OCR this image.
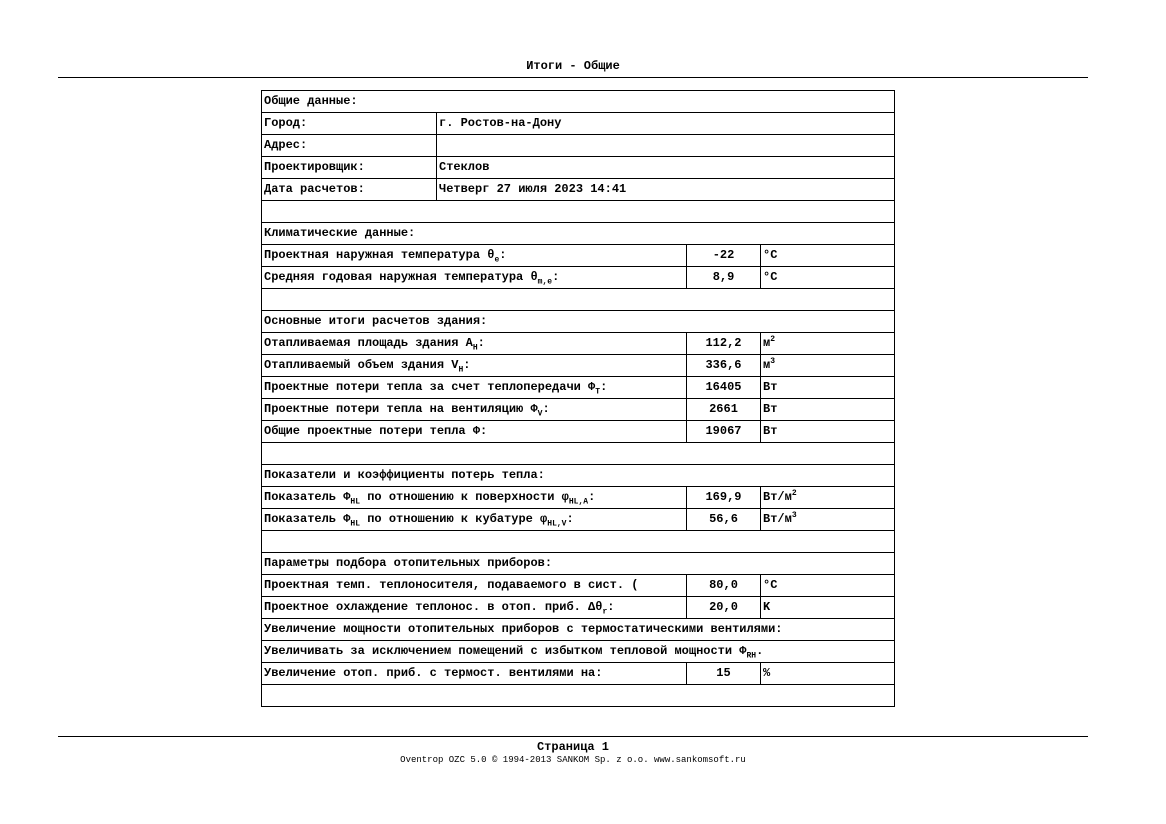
Итоги - Общие
Общие данные:
Город:	г. Ростов-на-Дону
Адрес:
Проектировщик:	Стеклов
Дата расчетов:	Четверг 27 июля 2023 14:41
Климатические данные:
Проектная наружная температура $\theta_e$:	-22	°C
Средняя годовая наружная температура $\theta_{m,e}$:	8,9	°C
Основные итоги расчетов здания:
Отапливаемая площадь здания $A_H$:	112,2	$м^2$
Отапливаемый объем здания $V_H$:	336,6	$м^3$
Проектные потери тепла за счет теплопередачи $\Phi_T$:	16405	Вт
Проектные потери тепла на вентиляцию $\Phi_V$:	2661	Вт
Общие проектные потери тепла Φ:	19067	Вт
Показатели и коэффициенты потерь тепла:
Показатель $\Phi_{HL}$ по отношению к поверхности $\varphi_{HL,A}$:	169,9	$Вт/м^2$
Показатель $\Phi_{HL}$ по отношению к кубатуре $\varphi_{HL,V}$:	56,6	$Вт/м^3$
Параметры подбора отопительных приборов:
Проектная темп. теплоносителя, подаваемого в сист. (	80,0	°C
Проектное охлаждение теплонос. в отоп. приб. $\Delta\theta_r$:	20,0	K
Увеличение мощности отопительных приборов с термостатическими вентилями:
Увеличивать за исключением помещений с избытком тепловой мощности $\Phi_{RH}$.
Увеличение отоп. приб. с термост. вентилями на:	15	%
Страница 1
Oventrop OZC 5.0 © 1994-2013 SANKOM Sp. z o.o. www.sankomsoft.ru
